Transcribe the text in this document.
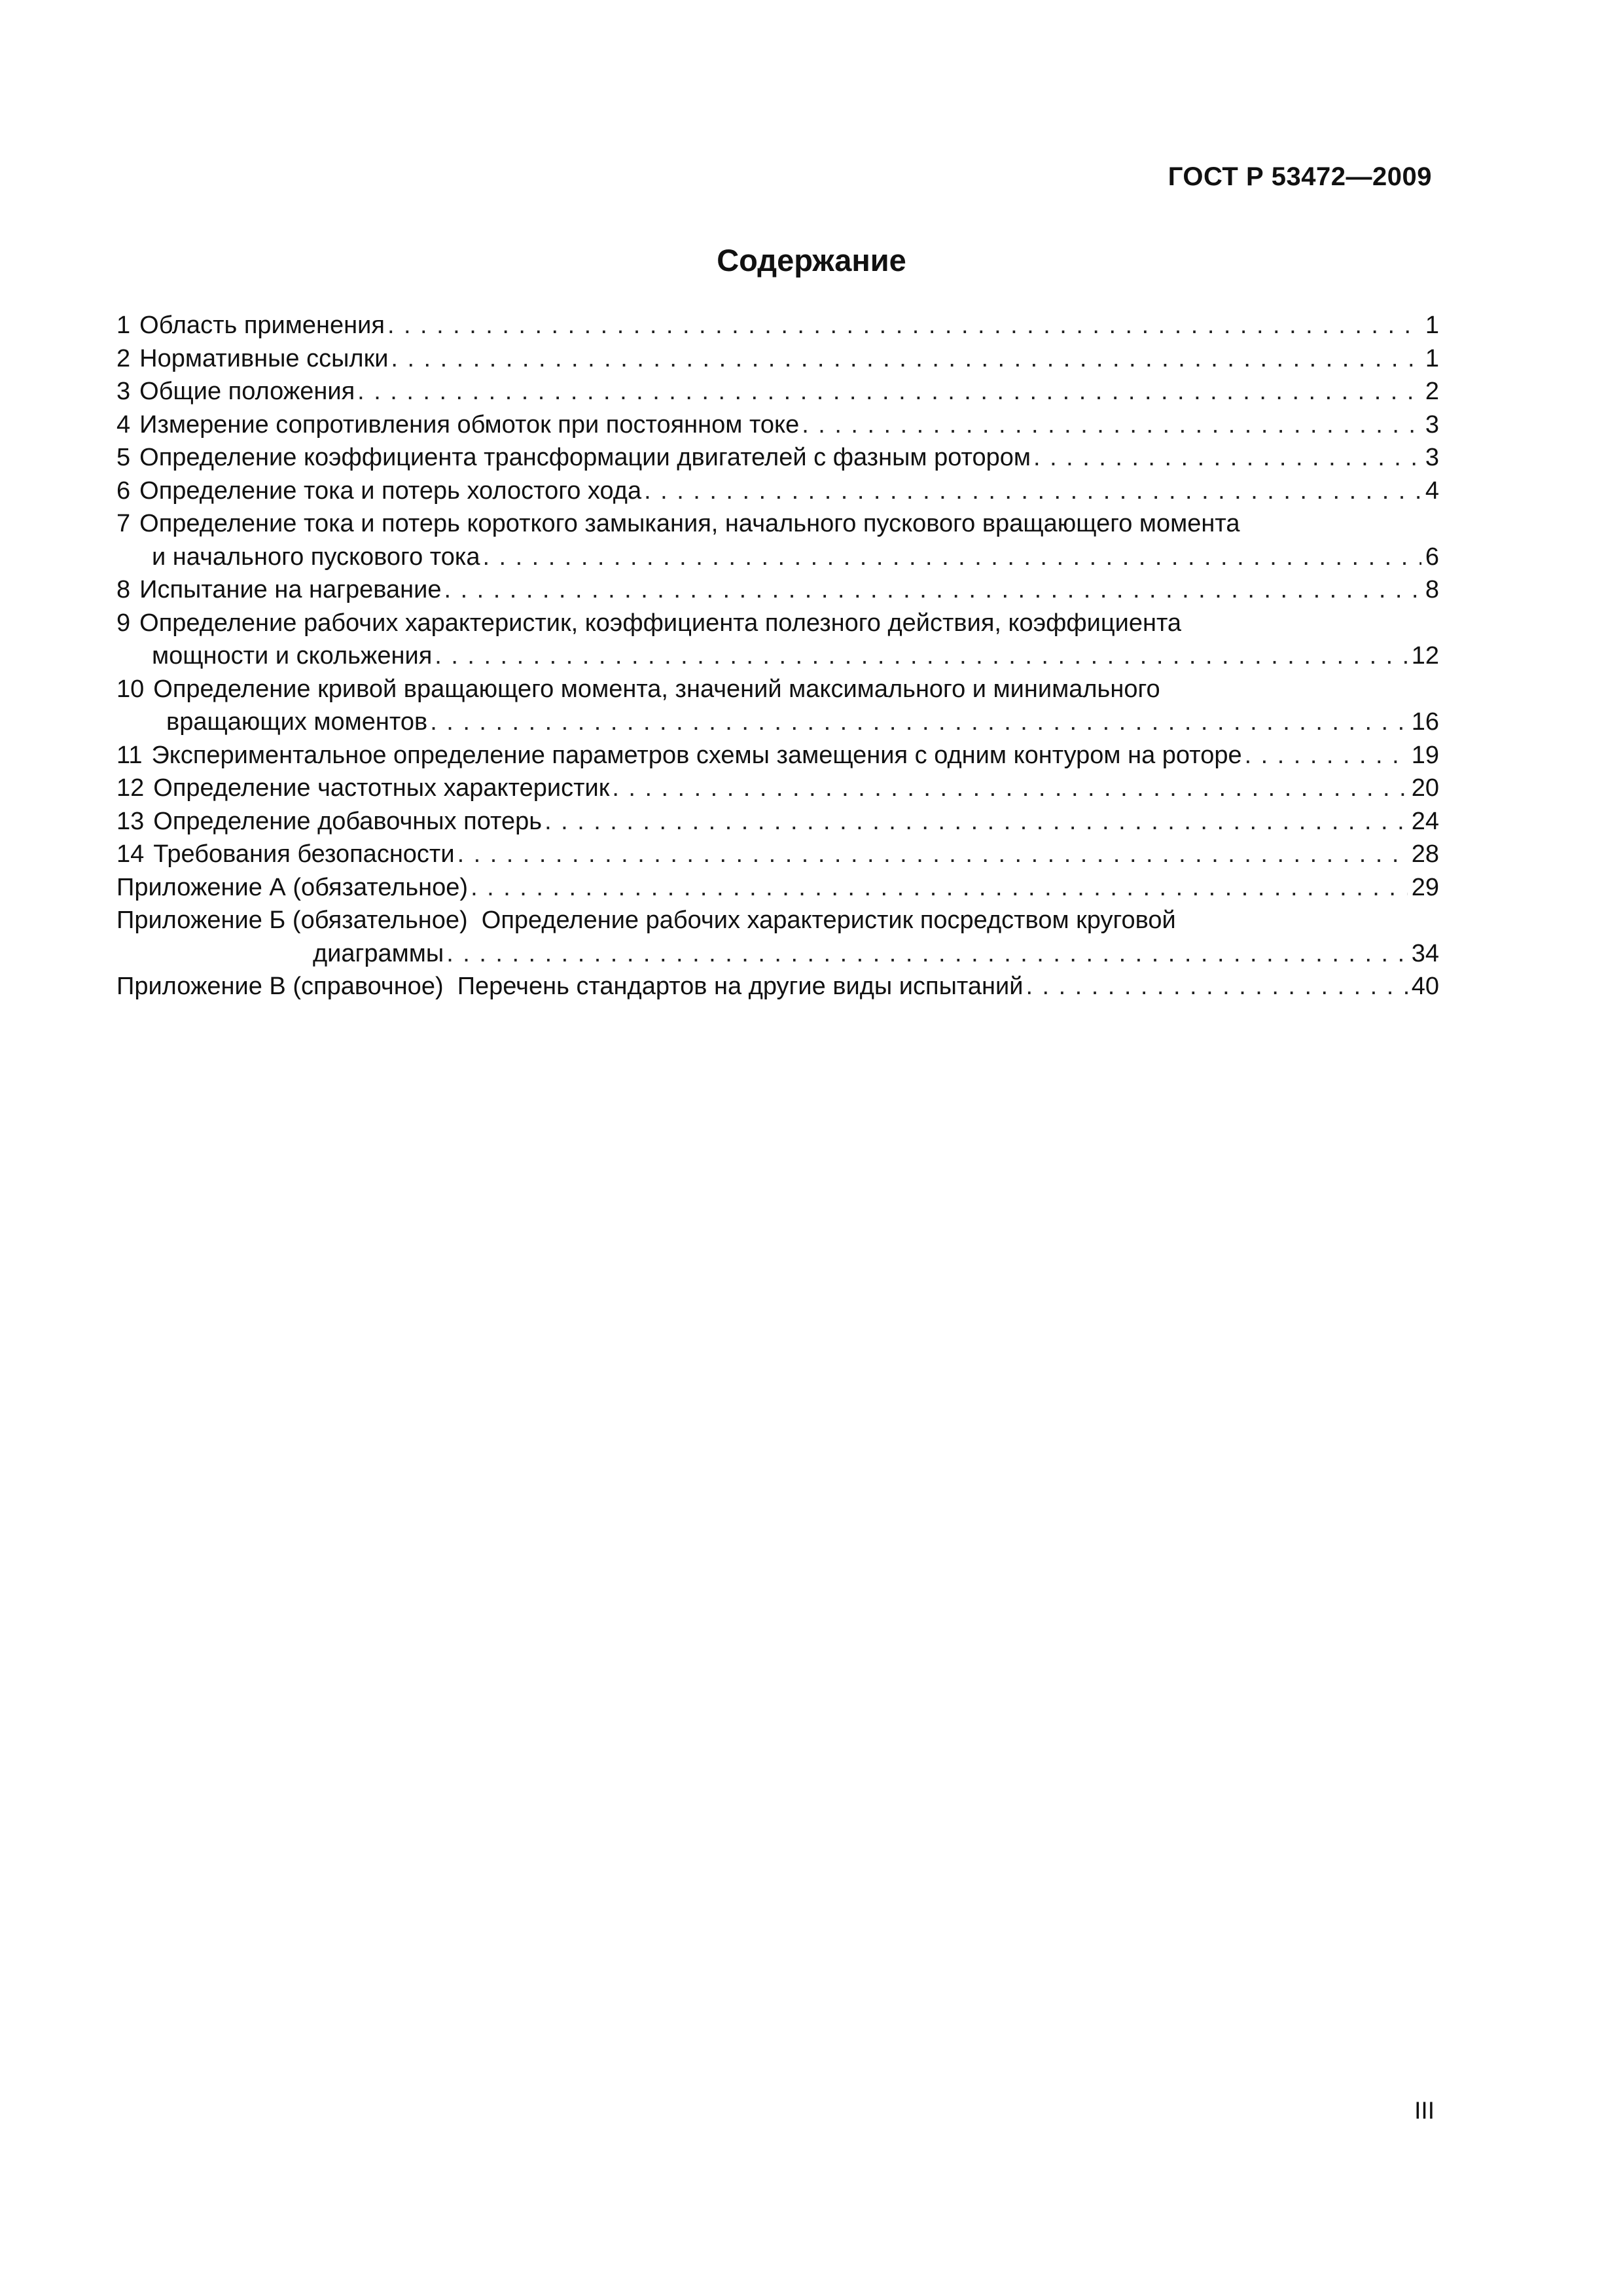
ГОСТ Р 53472—2009
Содержание
1 Область применения .....	1
2 Нормативные ссылки .....	1
3 Общие положения .....	2
4 Измерение сопротивления обмоток при постоянном токе .....	3
5 Определение коэффициента трансформации двигателей с фазным ротором .....	3
6 Определение тока и потерь холостого хода .....	4
7 Определение тока и потерь короткого замыкания, начального пускового вращающего момента
и начального пускового тока .....	6
8 Испытание на нагревание .....	8
9 Определение рабочих характеристик, коэффициента полезного действия, коэффициента
мощности и скольжения .....	12
10 Определение кривой вращающего момента, значений максимального и минимального
вращающих моментов .....	16
11 Экспериментальное определение параметров схемы замещения с одним контуром на роторе .....	19
12 Определение частотных характеристик .....	20
13 Определение добавочных потерь .....	24
14 Требования безопасности .....	28
Приложение А (обязательное) .....	29
Приложение Б (обязательное)  Определение рабочих характеристик посредством круговой
диаграммы .....	34
Приложение В (справочное)  Перечень стандартов на другие виды испытаний .....	40
III
